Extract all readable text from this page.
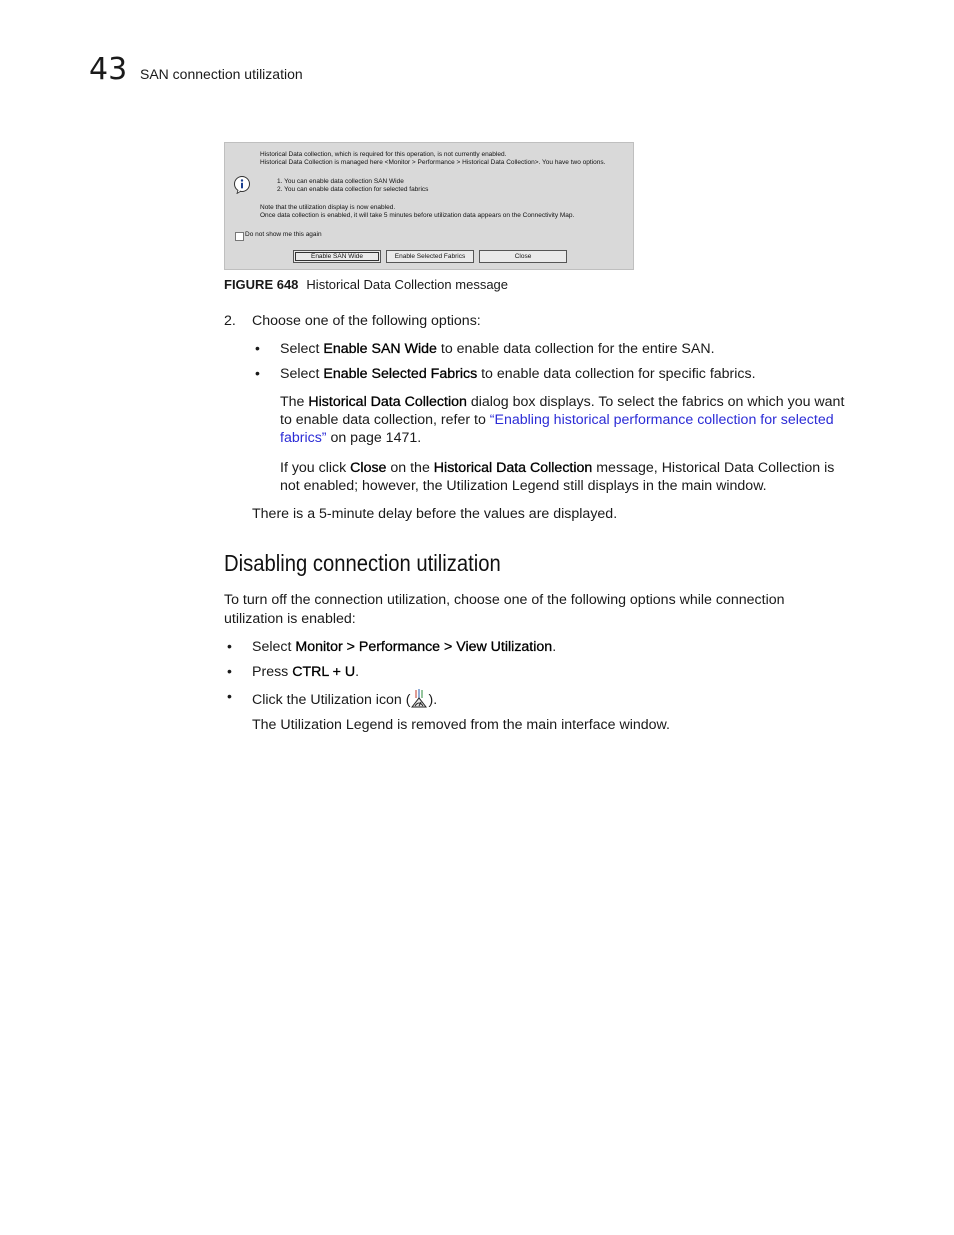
43 SAN connection utilization
Historical Data collection, which is required for this operation, is not currently enabled.
Historical Data Collection is managed here <Monitor > Performance > Historical Data Collection>. You have two options.
1. You can enable data collection SAN Wide
2. You can enable data collection for selected fabrics
Note that the utilization display is now enabled.
Once data collection is enabled, it will take 5 minutes before utilization data appears on the Connectivity Map.
Do not show me this again
Enable SAN Wide	Enable Selected Fabrics	Close
FIGURE 648 Historical Data Collection message
2. Choose one of the following options:
• Select Enable SAN Wide to enable data collection for the entire SAN.
• Select Enable Selected Fabrics to enable data collection for specific fabrics.
The Historical Data Collection dialog box displays. To select the fabrics on which you want
to enable data collection, refer to “Enabling historical performance collection for selected
fabrics” on page 1471.
If you click Close on the Historical Data Collection message, Historical Data Collection is
not enabled; however, the Utilization Legend still displays in the main window.
There is a 5-minute delay before the values are displayed.
Disabling connection utilization
To turn off the connection utilization, choose one of the following options while connection
utilization is enabled:
• Select Monitor > Performance > View Utilization.
• Press CTRL + U.
• Click the Utilization icon ( ).
The Utilization Legend is removed from the main interface window.
